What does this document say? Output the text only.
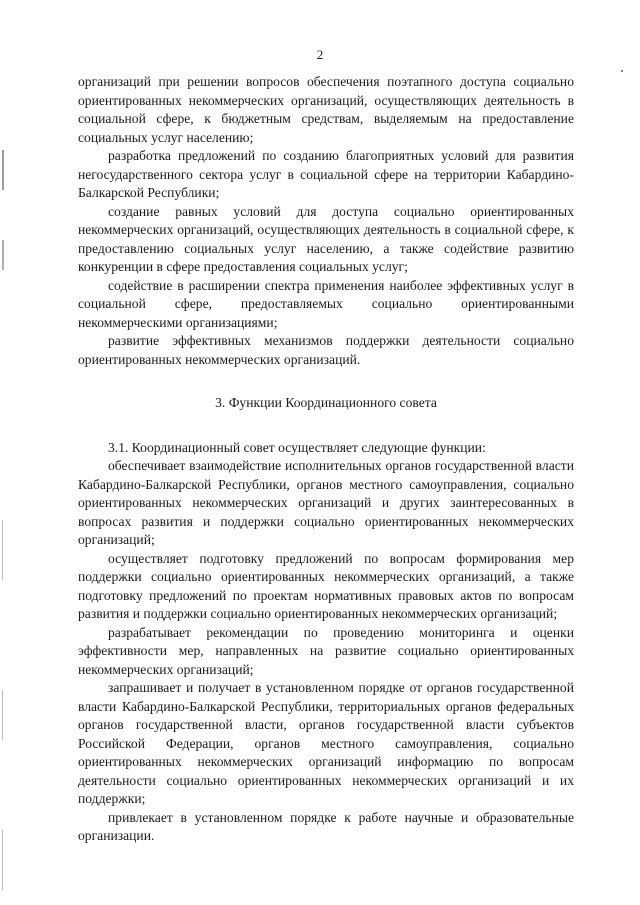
2

организаций при решении вопросов обеспечения поэтапного доступа социально ориентированных некоммерческих организаций, осуществляющих деятельность в социальной сфере, к бюджетным средствам, выделяемым на предоставление социальных услуг населению;

разработка предложений по созданию благоприятных условий для развития негосударственного сектора услуг в социальной сфере на территории Кабардино-Балкарской Республики;

создание равных условий для доступа социально ориентированных некоммерческих организаций, осуществляющих деятельность в социальной сфере, к предоставлению социальных услуг населению, а также содействие развитию конкуренции в сфере предоставления социальных услуг;

содействие в расширении спектра применения наиболее эффективных услуг в социальной сфере, предоставляемых социально ориентированными некоммерческими организациями;

развитие эффективных механизмов поддержки деятельности социально ориентированных некоммерческих организаций.

3. Функции Координационного совета

3.1. Координационный совет осуществляет следующие функции:

обеспечивает взаимодействие исполнительных органов государственной власти Кабардино-Балкарской Республики, органов местного самоуправления, социально ориентированных некоммерческих организаций и других заинтересованных в вопросах развития и поддержки социально ориентированных некоммерческих организаций;

осуществляет подготовку предложений по вопросам формирования мер поддержки социально ориентированных некоммерческих организаций, а также подготовку предложений по проектам нормативных правовых актов по вопросам развития и поддержки социально ориентированных некоммерческих организаций;

разрабатывает рекомендации по проведению мониторинга и оценки эффективности мер, направленных на развитие социально ориентированных некоммерческих организаций;

запрашивает и получает в установленном порядке от органов государственной власти Кабардино-Балкарской Республики, территориальных органов федеральных органов государственной власти, органов государственной власти субъектов Российской Федерации, органов местного самоуправления, социально ориентированных некоммерческих организаций информацию по вопросам деятельности социально ориентированных некоммерческих организаций и их поддержки;

привлекает в установленном порядке к работе научные и образовательные организации.
